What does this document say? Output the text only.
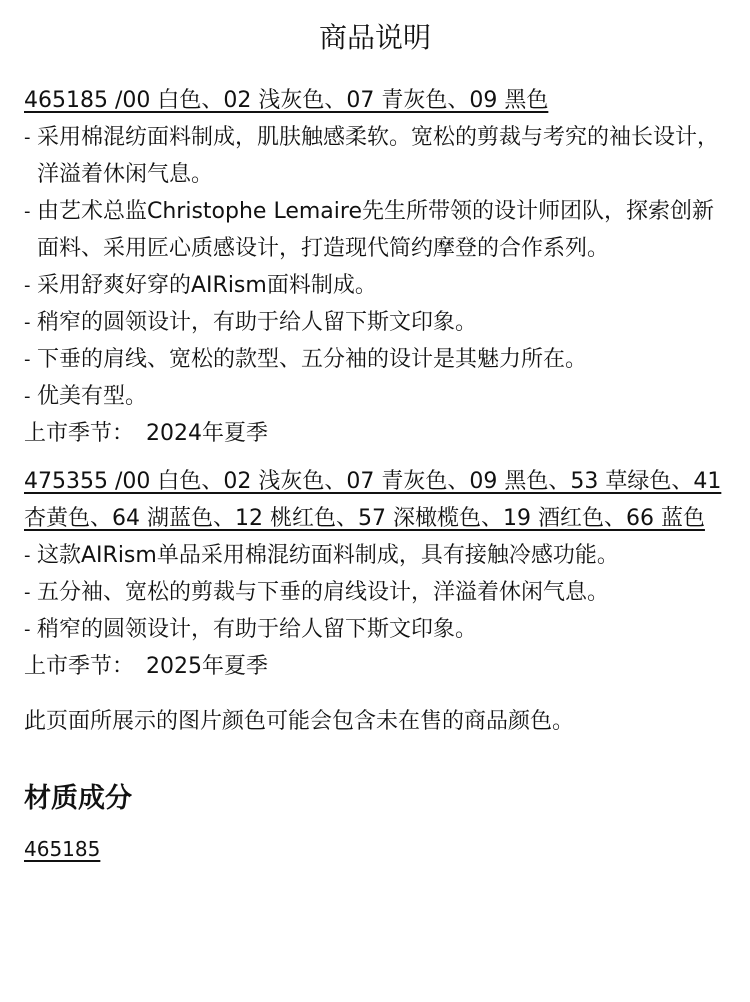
商品说明

465185 /00 白色、02 浅灰色、07 青灰色、09 黑色

- 采用棉混纺面料制成，肌肤触感柔软。宽松的剪裁与考究的袖长设计，洋溢着休闲气息。
- 由艺术总监Christophe Lemaire先生所带领的设计师团队，探索创新面料、采用匠心质感设计，打造现代简约摩登的合作系列。
- 采用舒爽好穿的AIRism面料制成。
- 稍窄的圆领设计，有助于给人留下斯文印象。
- 下垂的肩线、宽松的款型、五分袖的设计是其魅力所在。
- 优美有型。

上市季节： 2024年夏季

475355 /00 白色、02 浅灰色、07 青灰色、09 黑色、53 草绿色、41 杏黄色、64 湖蓝色、12 桃红色、57 深橄榄色、19 酒红色、66 蓝色

- 这款AIRism单品采用棉混纺面料制成，具有接触冷感功能。
- 五分袖、宽松的剪裁与下垂的肩线设计，洋溢着休闲气息。
- 稍窄的圆领设计，有助于给人留下斯文印象。

上市季节： 2025年夏季

此页面所展示的图片颜色可能会包含未在售的商品颜色。

材质成分

465185
